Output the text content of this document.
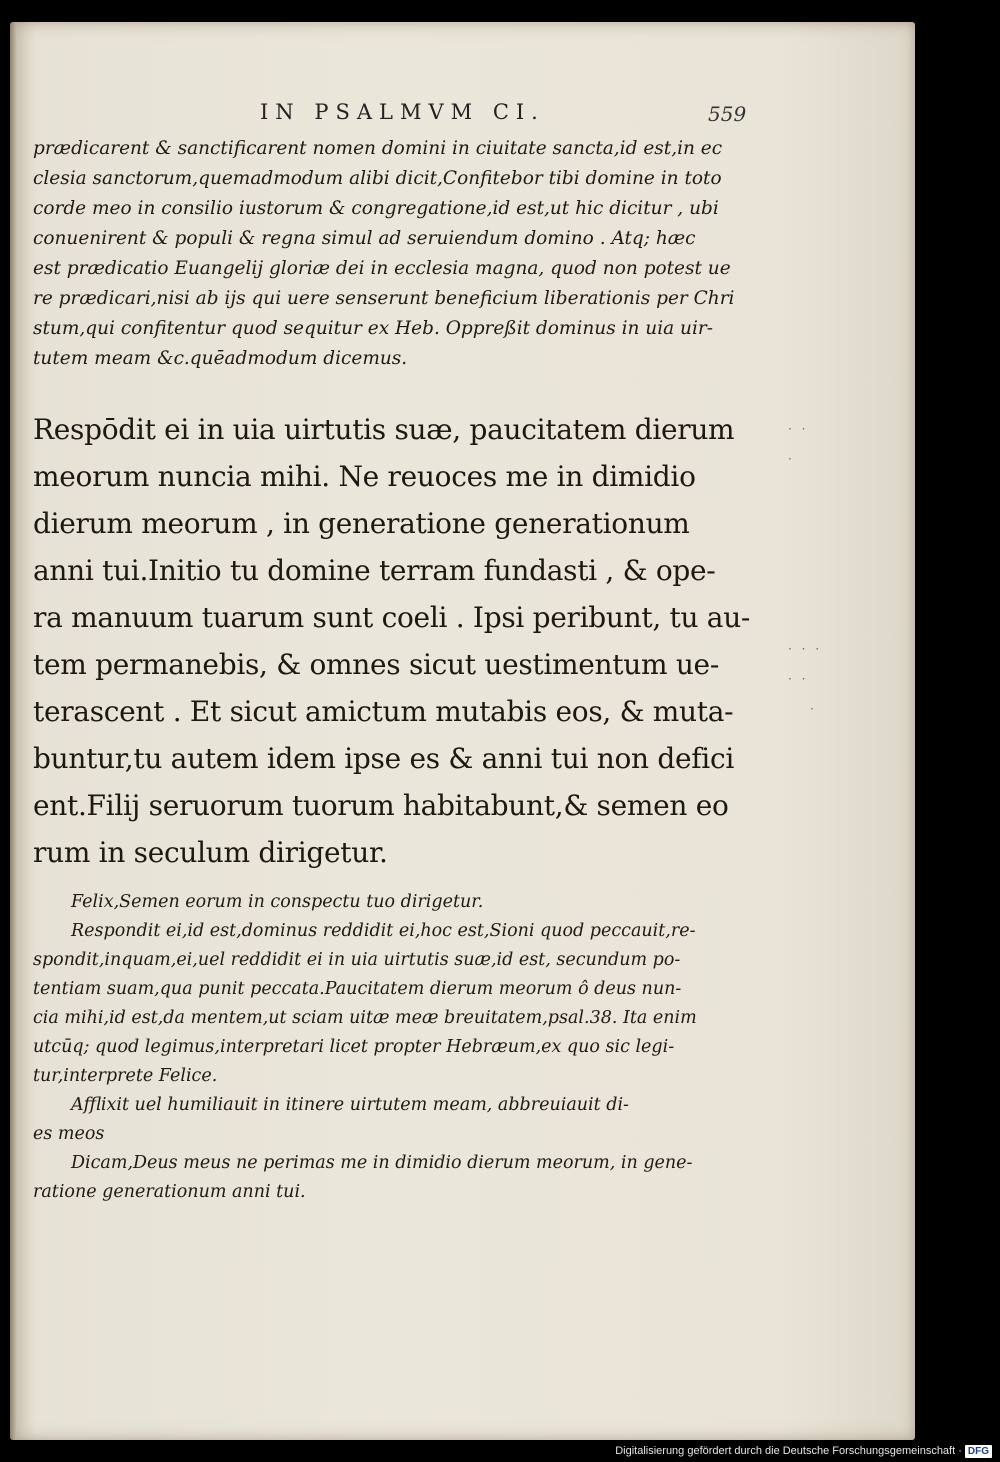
IN PSALMVM CI.	559
prædicarent & sanctificarent nomen domini in ciuitate sancta,id est,in ec
clesia sanctorum,quemadmodum alibi dicit,Confitebor tibi domine in toto
corde meo in consilio iustorum & congregatione,id est,ut hic dicitur , ubi
conuenirent & populi & regna simul ad seruiendum domino . Atq; hæc
est prædicatio Euangelij gloriæ dei in ecclesia magna, quod non potest ue
re prædicari,nisi ab ijs qui uere senserunt beneficium liberationis per Chri
stum,qui confitentur quod sequitur ex Heb. Oppreßit dominus in uia uir-
tutem meam &c.quēadmodum dicemus.
Respōdit ei in uia uirtutis suæ, paucitatem dierum
meorum nuncia mihi. Ne reuoces me in dimidio
dierum meorum , in generatione generationum
anni tui.Initio tu domine terram fundasti , & ope-
ra manuum tuarum sunt coeli . Ipsi peribunt, tu au-
tem permanebis, & omnes sicut uestimentum ue-
terascent . Et sicut amictum mutabis eos, & muta-
buntur,tu autem idem ipse es & anni tui non defici
ent.Filij seruorum tuorum habitabunt,& semen eo
rum in seculum dirigetur.
Felix,Semen eorum in conspectu tuo dirigetur.
Respondit ei,id est,dominus reddidit ei,hoc est,Sioni quod peccauit,re-
spondit,inquam,ei,uel reddidit ei in uia uirtutis suæ,id est, secundum po-
tentiam suam,qua punit peccata.Paucitatem dierum meorum ô deus nun-
cia mihi,id est,da mentem,ut sciam uitæ meæ breuitatem,psal.38. Ita enim
utcūq; quod legimus,interpretari licet propter Hebræum,ex quo sic legi-
tur,interprete Felice.
Afflixit uel humiliauit in itinere uirtutem meam, abbreuiauit di-
es meos
Dicam,Deus meus ne perimas me in dimidio dierum meorum, in gene-
ratione generationum anni tui.
· ·
·
· · ·
· ·
·
Digitalisierung gefördert durch die Deutsche Forschungsgemeinschaft · DFG
